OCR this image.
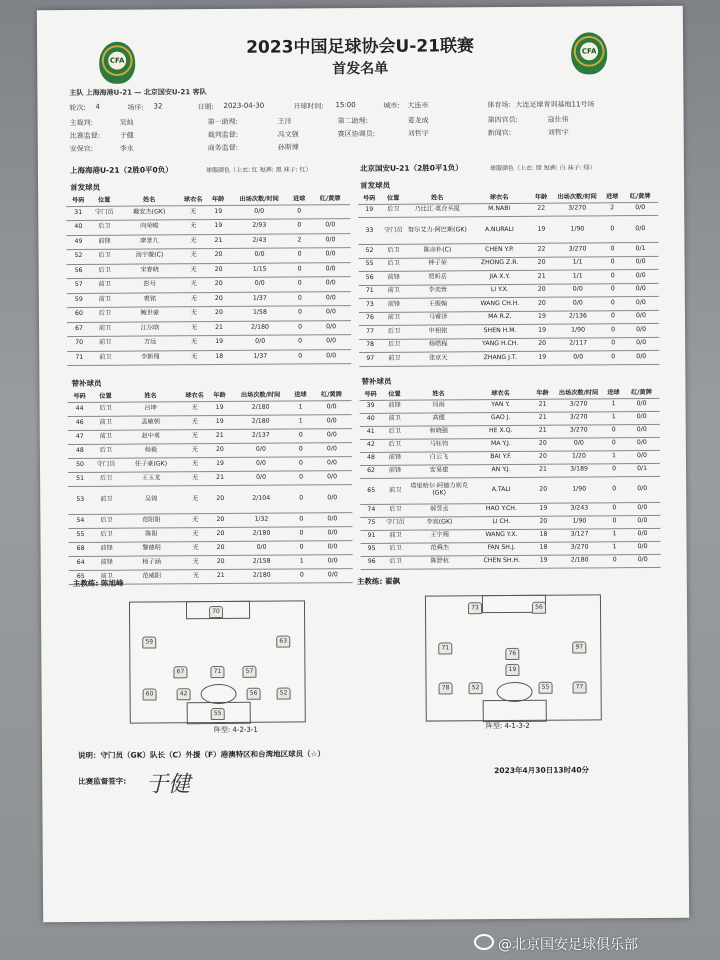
CFA
CFA
2023中国足球协会U-21联赛
首发名单
主队 上海海港U-21 — 北京国安U-21 客队
体育场: 大连足球青训基地11号场
轮次: 4	场序: 32	日期: 2023-04-30	开球时间: 15:00	城市: 大连市
主裁判:	吴灿	第一助理:	王洋	第二助理:	姜龙成	第四官员:	寇仕伟
比赛监督:	于健	裁判监督:	冯文强	赛区协调员:	刘哲宇	新闻官:	刘哲宇
安保官:	李永	商务监督:	孙斯博
上海海港U-21（2胜0平0负）	球服颜色（上衣: 红 短裤: 黑 袜子: 红）	北京国安U-21（2胜0平1负）	球服颜色（上衣: 绿 短裤: 白 袜子: 绿）
首发球员	首发球员
号码	位置	姓名	球衣名	年龄	出场次数/时间	进球	红/黄牌
31	守门员	戴安杰(GK)	无	19	0/0	0	
40	后卫	向荣峻	无	19	2/93	0	0/0
49	前锋	廖景九	无	21	2/43	2	0/0
52	后卫	汤宇璇(C)	无	20	0/0	0	0/0
56	后卫	宋春晓	无	20	1/15	0	0/0
57	前卫	彭号	无	20	0/0	0	0/0
59	前卫	裘铭	无	20	1/37	0	0/0
60	后卫	鲍世豪	无	20	1/58	0	0/0
67	前卫	江尔晗	无	21	2/180	0	0/0
70	前卫	方远	无	19	0/0	0	0/0
71	前卫	李新翔	无	18	1/37	0	0/0
号码	位置	姓名	球衣名	年龄	出场次数/时间	进球	红/黄牌
19	后卫	乃比江·莫合买提	M.NABI	22	3/270	2	0/0
33	守门员	努尔艾力·阿巴斯(GK)	A.NURALI	19	1/90	0	0/0
52	后卫	陈彦朴(C)	CHEN Y.P.	22	3/270	0	0/1
55	后卫	钟子荣	ZHONG Z.R.	20	1/1	0	0/0
56	前锋	贾昕岳	JIA X.Y.	21	1/1	0	0/0
71	前卫	李奕萱	LI Y.X.	20	0/0	0	0/0
73	前锋	王振翰	WANG CH.H.	20	0/0	0	0/0
76	前卫	马睿泽	MA R.Z.	19	2/136	0	0/0
77	后卫	申相铭	SHEN H.M.	19	1/90	0	0/0
78	后卫	杨皓程	YANG H.CH.	20	2/117	0	0/0
97	前卫	张京天	ZHANG J.T.	19	0/0	0	0/0
替补球员	替补球员
号码	位置	姓名	球衣名	年龄	出场次数/时间	进球	红/黄牌
44	后卫	吕坤	无	19	2/180	1	0/0
46	前卫	孟敏朝	无	19	2/180	1	0/0
47	前卫	赵中勇	无	21	2/137	0	0/0
48	后卫	杨毅	无	20	0/0	0	0/0
50	守门员	任子豪(GK)	无	19	0/0	0	0/0
51	后卫	王玉龙	无	21	0/0	0	0/0
53	前卫	吴锦	无	20	2/104	0	0/0
54	后卫	范阳阳	无	20	1/32	0	0/0
55	后卫	陈阳	无	20	2/180	0	0/0
68	前锋	黎德明	无	20	0/0	0	0/0
64	前锋	杨子涵	无	20	2/158	1	0/0
65	前卫	范威阳	无	21	2/180	0	0/0
号码	位置	姓名	球衣名	年龄	出场次数/时间	进球	红/黄牌
39	前锋	闫雨	YAN Y.	21	3/270	1	0/0
40	前卫	高健	GAO J.	21	3/270	1	0/0
41	后卫	和晓强	HE X.Q.	21	3/270	0	0/0
42	后卫	马钰钧	MA Y.J.	20	0/0	0	0/0
48	前锋	白云飞	BAI Y.F.	20	1/20	1	0/0
62	前锋	安易建	AN Y.J.	21	3/189	0	0/1
65	前卫	塔里哈尔·阿德力则克(GK)	A.TALI	20	1/90	0	0/0
74	后卫	郝昱丞	HAO Y.CH.	19	3/243	0	0/0
75	守门员	李宸(GK)	LI CH.	20	1/90	0	0/0
91	前卫	王宇翔	WANG Y.X.	18	3/127	1	0/0
95	后卫	范舜杰	FAN SH.J.	18	3/270	1	0/0
96	后卫	陈舒杭	CHEN SH.H.	19	2/180	0	0/0
主教练: 陈旭峰	主教练: 翟飙
70
59	63
67	57
71
60	42	56	52
55
阵型: 4-2-3-1
73	56
71	97
76
19
78	52	55	77
阵型: 4-1-3-2
说明：守门员（GK）队长（C）外援（F）港澳特区和台湾地区球员（☆）
比赛监督签字: 于健
2023年4月30日13时40分
@北京国安足球俱乐部
